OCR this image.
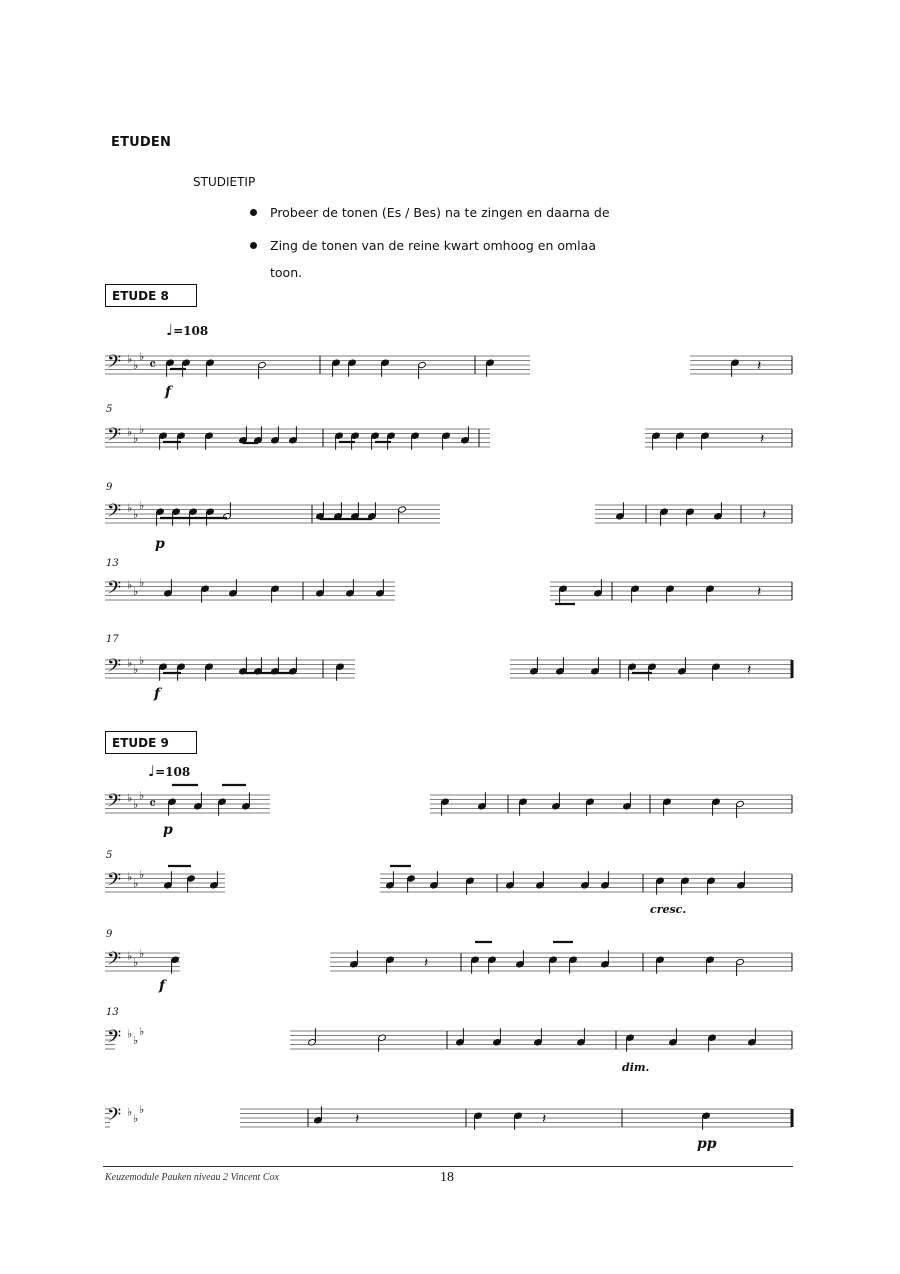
ETUDEN
STUDIETIP
Probeer de tonen (Es / Bes) na te zingen en daarna de
Zing de tonen van de reine kwart omhoog en omlaa
toon.
ETUDE 8
♩=108
ETUDE 9
♩=108
𝄢 ♭
♭
♭ 𝄴	𝄽
𝄢 ♭
♭
♭
𝄽
𝄢 ♭
♭
♭
𝄽
𝄢 ♭
♭
♭
𝄽
𝄢 ♭
♭
♭
𝄽
𝄢 ♭
♭
♭ 𝄴
𝄢 ♭
♭
♭
𝄢 ♭
♭
♭
𝄽
𝄢 ♭
♭
♭
𝄢 ♭
♭
♭
𝄽	𝄽
5
9
13
17
5
9
13
f
p
f
p
f
pp
cresc.
dim.
Keuzemodule Pauken niveau 2 Vincent Cox	18
